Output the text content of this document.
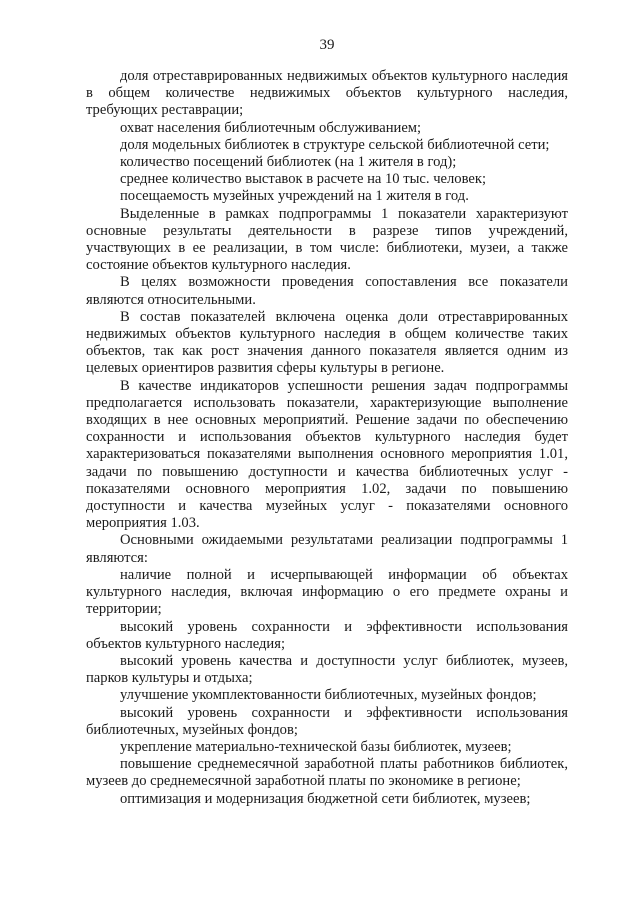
39

доля отреставрированных недвижимых объектов культурного наследия в общем количестве недвижимых объектов культурного наследия, требующих реставрации;

охват населения библиотечным обслуживанием;

доля модельных библиотек в структуре сельской библиотечной сети;

количество посещений библиотек (на 1 жителя в год);

среднее количество выставок в расчете на 10 тыс. человек;

посещаемость музейных учреждений на 1 жителя в год.

Выделенные в рамках подпрограммы 1 показатели характеризуют основные результаты деятельности в разрезе типов учреждений, участвующих в ее реализации, в том числе: библиотеки, музеи, а также состояние объектов культурного наследия.

В целях возможности проведения сопоставления все показатели являются относительными.

В состав показателей включена оценка доли отреставрированных недвижимых объектов культурного наследия в общем количестве таких объектов, так как рост значения данного показателя является одним из целевых ориентиров развития сферы культуры в регионе.

В качестве индикаторов успешности решения задач подпрограммы предполагается использовать показатели, характеризующие выполнение входящих в нее основных мероприятий. Решение задачи по обеспечению сохранности и использования объектов культурного наследия будет характеризоваться показателями выполнения основного мероприятия 1.01, задачи по повышению доступности и качества библиотечных услуг - показателями основного мероприятия 1.02, задачи по повышению доступности и качества музейных услуг - показателями основного мероприятия 1.03.

Основными ожидаемыми результатами реализации подпрограммы 1 являются:

наличие полной и исчерпывающей информации об объектах культурного наследия, включая информацию о его предмете охраны и территории;

высокий уровень сохранности и эффективности использования объектов культурного наследия;

высокий уровень качества и доступности услуг библиотек, музеев, парков культуры и отдыха;

улучшение укомплектованности библиотечных, музейных фондов;

высокий уровень сохранности и эффективности использования библиотечных, музейных фондов;

укрепление материально-технической базы библиотек, музеев;

повышение среднемесячной заработной платы работников библиотек, музеев до среднемесячной заработной платы по экономике в регионе;

оптимизация и модернизация бюджетной сети библиотек, музеев;
